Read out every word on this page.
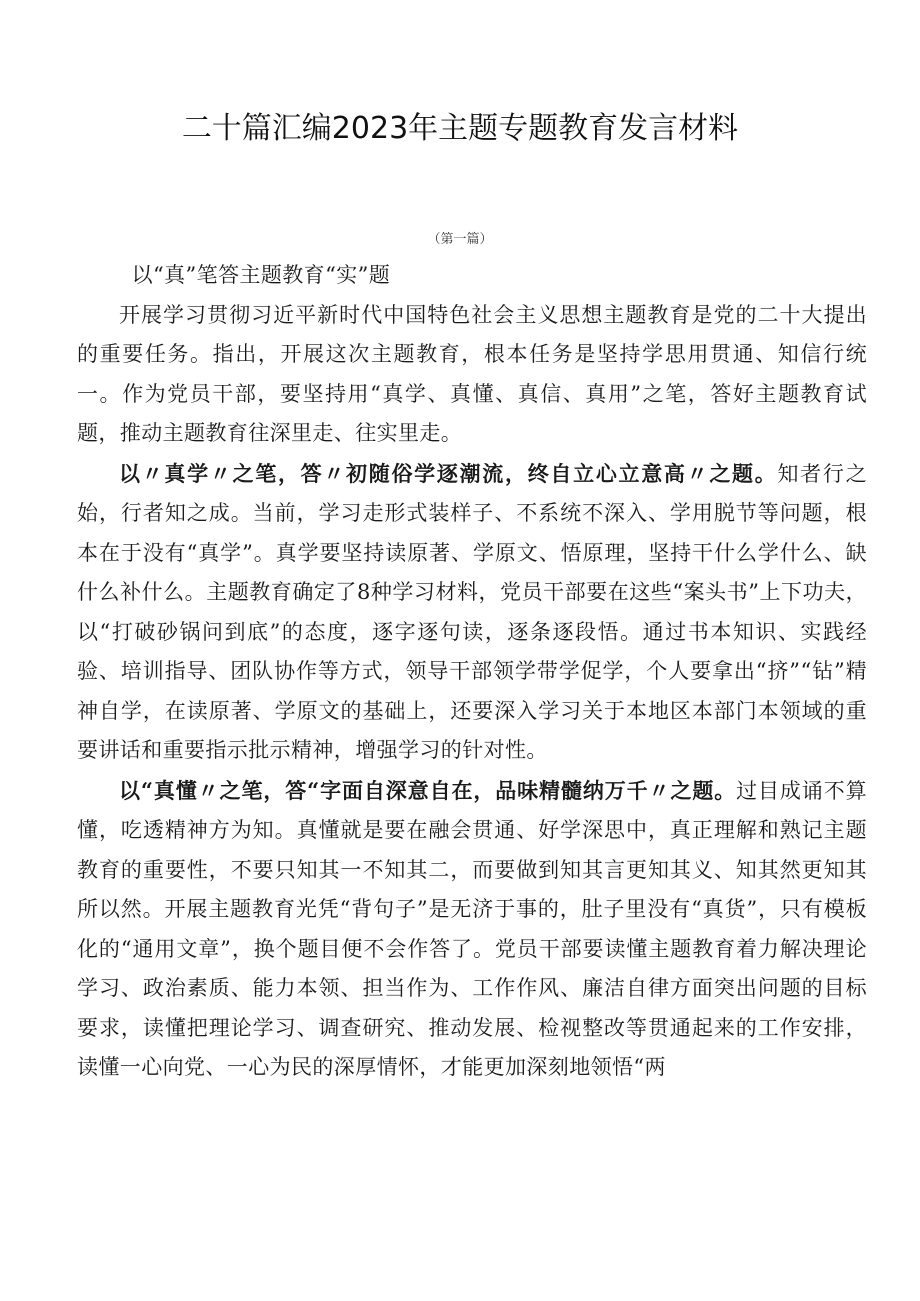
二十篇汇编2023年主题专题教育发言材料
（第一篇）

以“真”笔答主题教育“实”题

开展学习贯彻习近平新时代中国特色社会主义思想主题教育是党的二十大提出的重要任务。指出，开展这次主题教育，根本任务是坚持学思用贯通、知信行统一。作为党员干部，要坚持用“真学、真懂、真信、真用”之笔，答好主题教育试题，推动主题教育往深里走、往实里走。

以〃真学〃之笔，答〃初随俗学逐潮流，终自立心立意高〃之题。知者行之始，行者知之成。当前，学习走形式装样子、不系统不深入、学用脱节等问题，根本在于没有“真学”。真学要坚持读原著、学原文、悟原理，坚持干什么学什么、缺什么补什么。主题教育确定了8种学习材料，党员干部要在这些“案头书”上下功夫，以“打破砂锅问到底”的态度，逐字逐句读，逐条逐段悟。通过书本知识、实践经验、培训指导、团队协作等方式，领导干部领学带学促学，个人要拿出“挤”“钻”精神自学，在读原著、学原文的基础上，还要深入学习关于本地区本部门本领域的重要讲话和重要指示批示精神，增强学习的针对性。

以“真懂〃之笔，答“字面自深意自在，品味精髓纳万千〃之题。过目成诵不算懂，吃透精神方为知。真懂就是要在融会贯通、好学深思中，真正理解和熟记主题教育的重要性，不要只知其一不知其二，而要做到知其言更知其义、知其然更知其所以然。开展主题教育光凭“背句子”是无济于事的，肚子里没有“真货”，只有模板化的“通用文章”，换个题目便不会作答了。党员干部要读懂主题教育着力解决理论学习、政治素质、能力本领、担当作为、工作作风、廉洁自律方面突出问题的目标要求，读懂把理论学习、调查研究、推动发展、检视整改等贯通起来的工作安排，读懂一心向党、一心为民的深厚情怀，才能更加深刻地领悟“两
